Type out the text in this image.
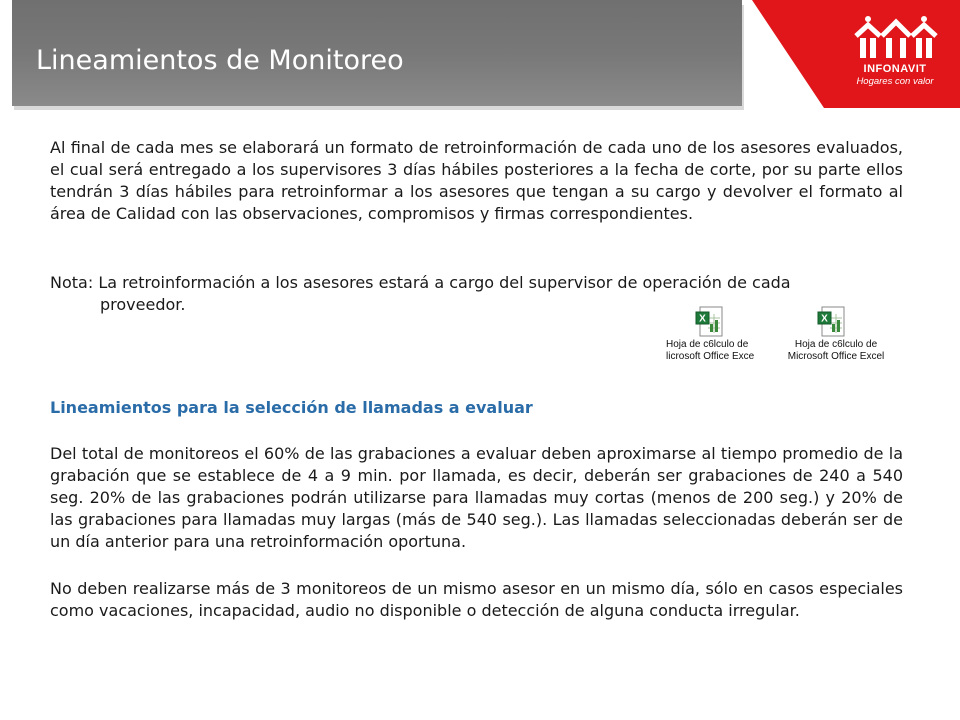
Lineamientos de Monitoreo	INFONAVIT
Hogares con valor

Al final de cada mes se elaborará un formato de retroinformación de cada uno de los asesores evaluados, el cual será entregado a los supervisores 3 días hábiles posteriores a la fecha de corte, por su parte ellos tendrán 3 días hábiles para retroinformar a los asesores que tengan a su cargo y devolver el formato al área de Calidad con las observaciones, compromisos y firmas correspondientes.

Nota: La retroinformación a los asesores estará a cargo del supervisor de operación de cada
proveedor.

X
Hoja de c6lculo de
licrosoft Office Exce
X
Hoja de c6lculo de
Microsoft Office Excel
Lineamientos para la selección de llamadas a evaluar

Del total de monitoreos el 60% de las grabaciones a evaluar deben aproximarse al tiempo promedio de la grabación que se establece de 4 a 9 min. por llamada, es decir, deberán ser grabaciones de 240 a 540 seg. 20% de las grabaciones podrán utilizarse para llamadas muy cortas (menos de 200 seg.) y 20% de las grabaciones para llamadas muy largas (más de 540 seg.). Las llamadas seleccionadas deberán ser de un día anterior para una retroinformación oportuna.

No deben realizarse más de 3 monitoreos de un mismo asesor en un mismo día, sólo en casos especiales como vacaciones, incapacidad, audio no disponible o detección de alguna conducta irregular.
